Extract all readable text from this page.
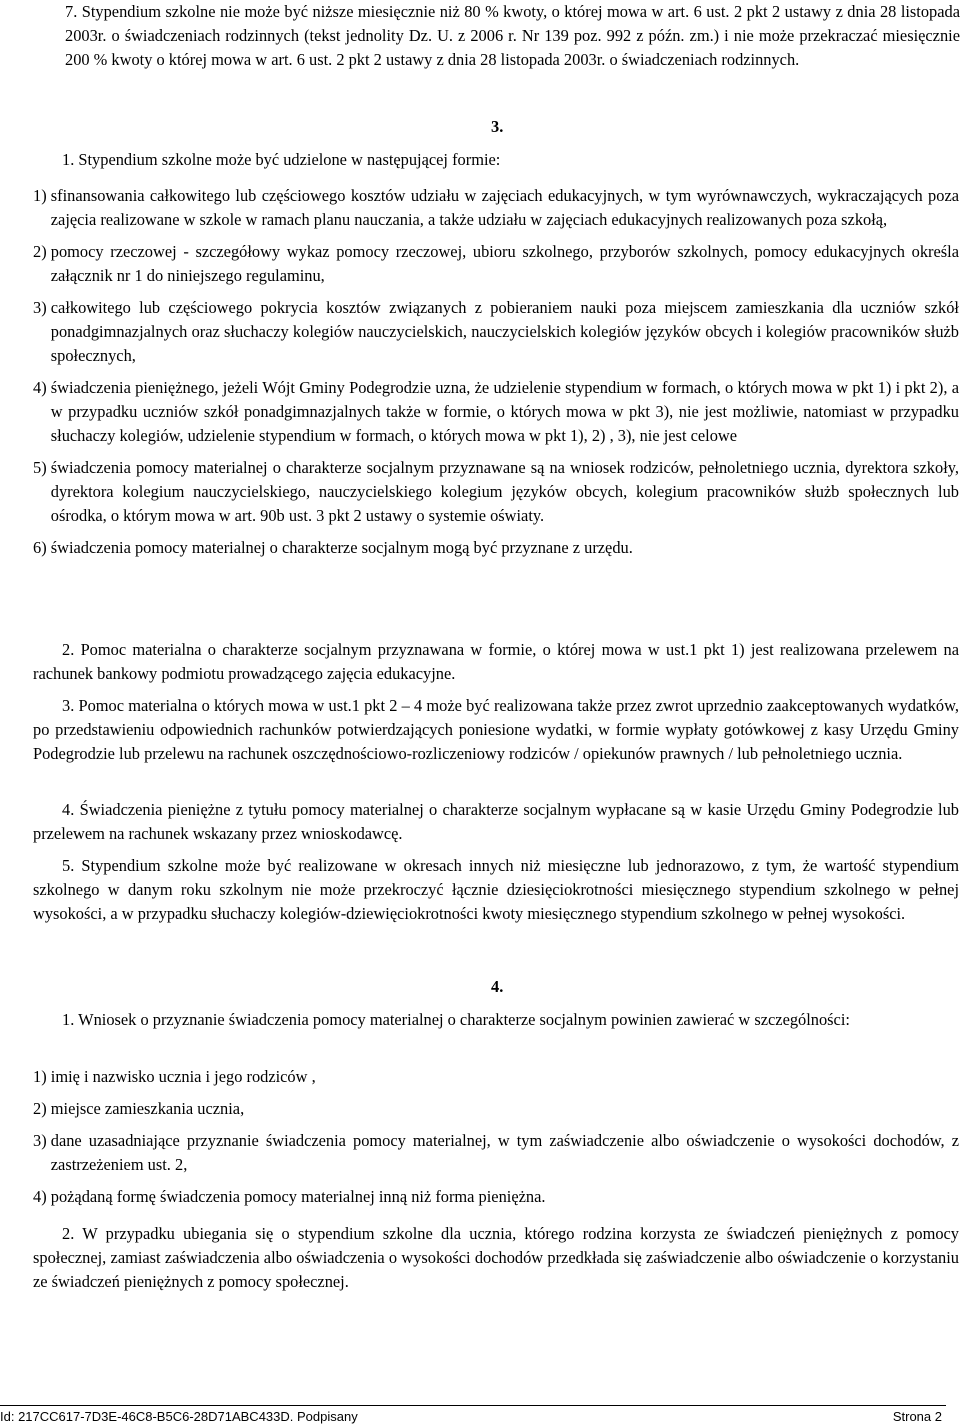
7. Stypendium szkolne nie może być niższe miesięcznie niż 80 % kwoty, o której mowa w art. 6 ust. 2 pkt 2 ustawy z dnia 28 listopada 2003r. o świadczeniach rodzinnych (tekst jednolity Dz. U. z 2006 r. Nr 139 poz. 992 z późn. zm.) i nie może przekraczać miesięcznie 200 % kwoty o której mowa w art. 6 ust. 2 pkt 2 ustawy z dnia 28 listopada 2003r. o świadczeniach rodzinnych.

3.

1. Stypendium szkolne może być udzielone w następującej formie:

1) sfinansowania całkowitego lub częściowego kosztów udziału w zajęciach edukacyjnych, w tym wyrównawczych, wykraczających poza zajęcia realizowane w szkole w ramach planu nauczania, a także udziału w zajęciach edukacyjnych realizowanych poza szkołą,
2) pomocy rzeczowej - szczegółowy wykaz pomocy rzeczowej, ubioru szkolnego, przyborów szkolnych, pomocy edukacyjnych określa załącznik nr 1 do niniejszego regulaminu,
3) całkowitego lub częściowego pokrycia kosztów związanych z pobieraniem nauki poza miejscem zamieszkania dla uczniów szkół ponadgimnazjalnych oraz słuchaczy kolegiów nauczycielskich, nauczycielskich kolegiów języków obcych i kolegiów pracowników służb społecznych,
4) świadczenia pieniężnego, jeżeli Wójt Gminy Podegrodzie uzna, że udzielenie stypendium w formach, o których mowa w pkt 1) i pkt 2), a w przypadku uczniów szkół ponadgimnazjalnych także w formie, o których mowa w pkt 3), nie jest możliwie, natomiast w przypadku słuchaczy kolegiów, udzielenie stypendium w formach, o których mowa w pkt 1), 2) , 3), nie jest celowe
5) świadczenia pomocy materialnej o charakterze socjalnym przyznawane są na wniosek rodziców, pełnoletniego ucznia, dyrektora szkoły, dyrektora kolegium nauczycielskiego, nauczycielskiego kolegium języków obcych, kolegium pracowników służb społecznych lub ośrodka, o którym mowa w art. 90b ust. 3 pkt 2 ustawy o systemie oświaty.
6) świadczenia pomocy materialnej o charakterze socjalnym mogą być przyznane z urzędu.

2. Pomoc materialna o charakterze socjalnym przyznawana w formie, o której mowa w ust.1 pkt 1) jest realizowana przelewem na rachunek bankowy podmiotu prowadzącego zajęcia edukacyjne.

3. Pomoc materialna o których mowa w ust.1 pkt 2 – 4 może być realizowana także przez zwrot uprzednio zaakceptowanych wydatków, po przedstawieniu odpowiednich rachunków potwierdzających poniesione wydatki, w formie wypłaty gotówkowej z kasy Urzędu Gminy Podegrodzie lub przelewu na rachunek oszczędnościowo-rozliczeniowy rodziców / opiekunów prawnych / lub pełnoletniego ucznia.

4. Świadczenia pieniężne z tytułu pomocy materialnej o charakterze socjalnym wypłacane są w kasie Urzędu Gminy Podegrodzie lub przelewem na rachunek wskazany przez wnioskodawcę.

5. Stypendium szkolne może być realizowane w okresach innych niż miesięczne lub jednorazowo, z tym, że wartość stypendium szkolnego w danym roku szkolnym nie może przekroczyć łącznie dziesięciokrotności miesięcznego stypendium szkolnego w pełnej wysokości, a w przypadku słuchaczy kolegiów-dziewięciokrotności kwoty miesięcznego stypendium szkolnego w pełnej wysokości.

4.

1. Wniosek o przyznanie świadczenia pomocy materialnej o charakterze socjalnym powinien zawierać w szczególności:

1) imię i nazwisko ucznia i jego rodziców ,
2) miejsce zamieszkania ucznia,
3) dane uzasadniające przyznanie świadczenia pomocy materialnej, w tym zaświadczenie albo oświadczenie o wysokości dochodów, z zastrzeżeniem ust. 2,
4) pożądaną formę świadczenia pomocy materialnej inną niż forma pieniężna.

2. W przypadku ubiegania się o stypendium szkolne dla ucznia, którego rodzina korzysta ze świadczeń pieniężnych z pomocy społecznej, zamiast zaświadczenia albo oświadczenia o wysokości dochodów przedkłada się zaświadczenie albo oświadczenie o korzystaniu ze świadczeń pieniężnych z pomocy społecznej.

Id: 217CC617-7D3E-46C8-B5C6-28D71ABC433D. Podpisany	Strona 2
